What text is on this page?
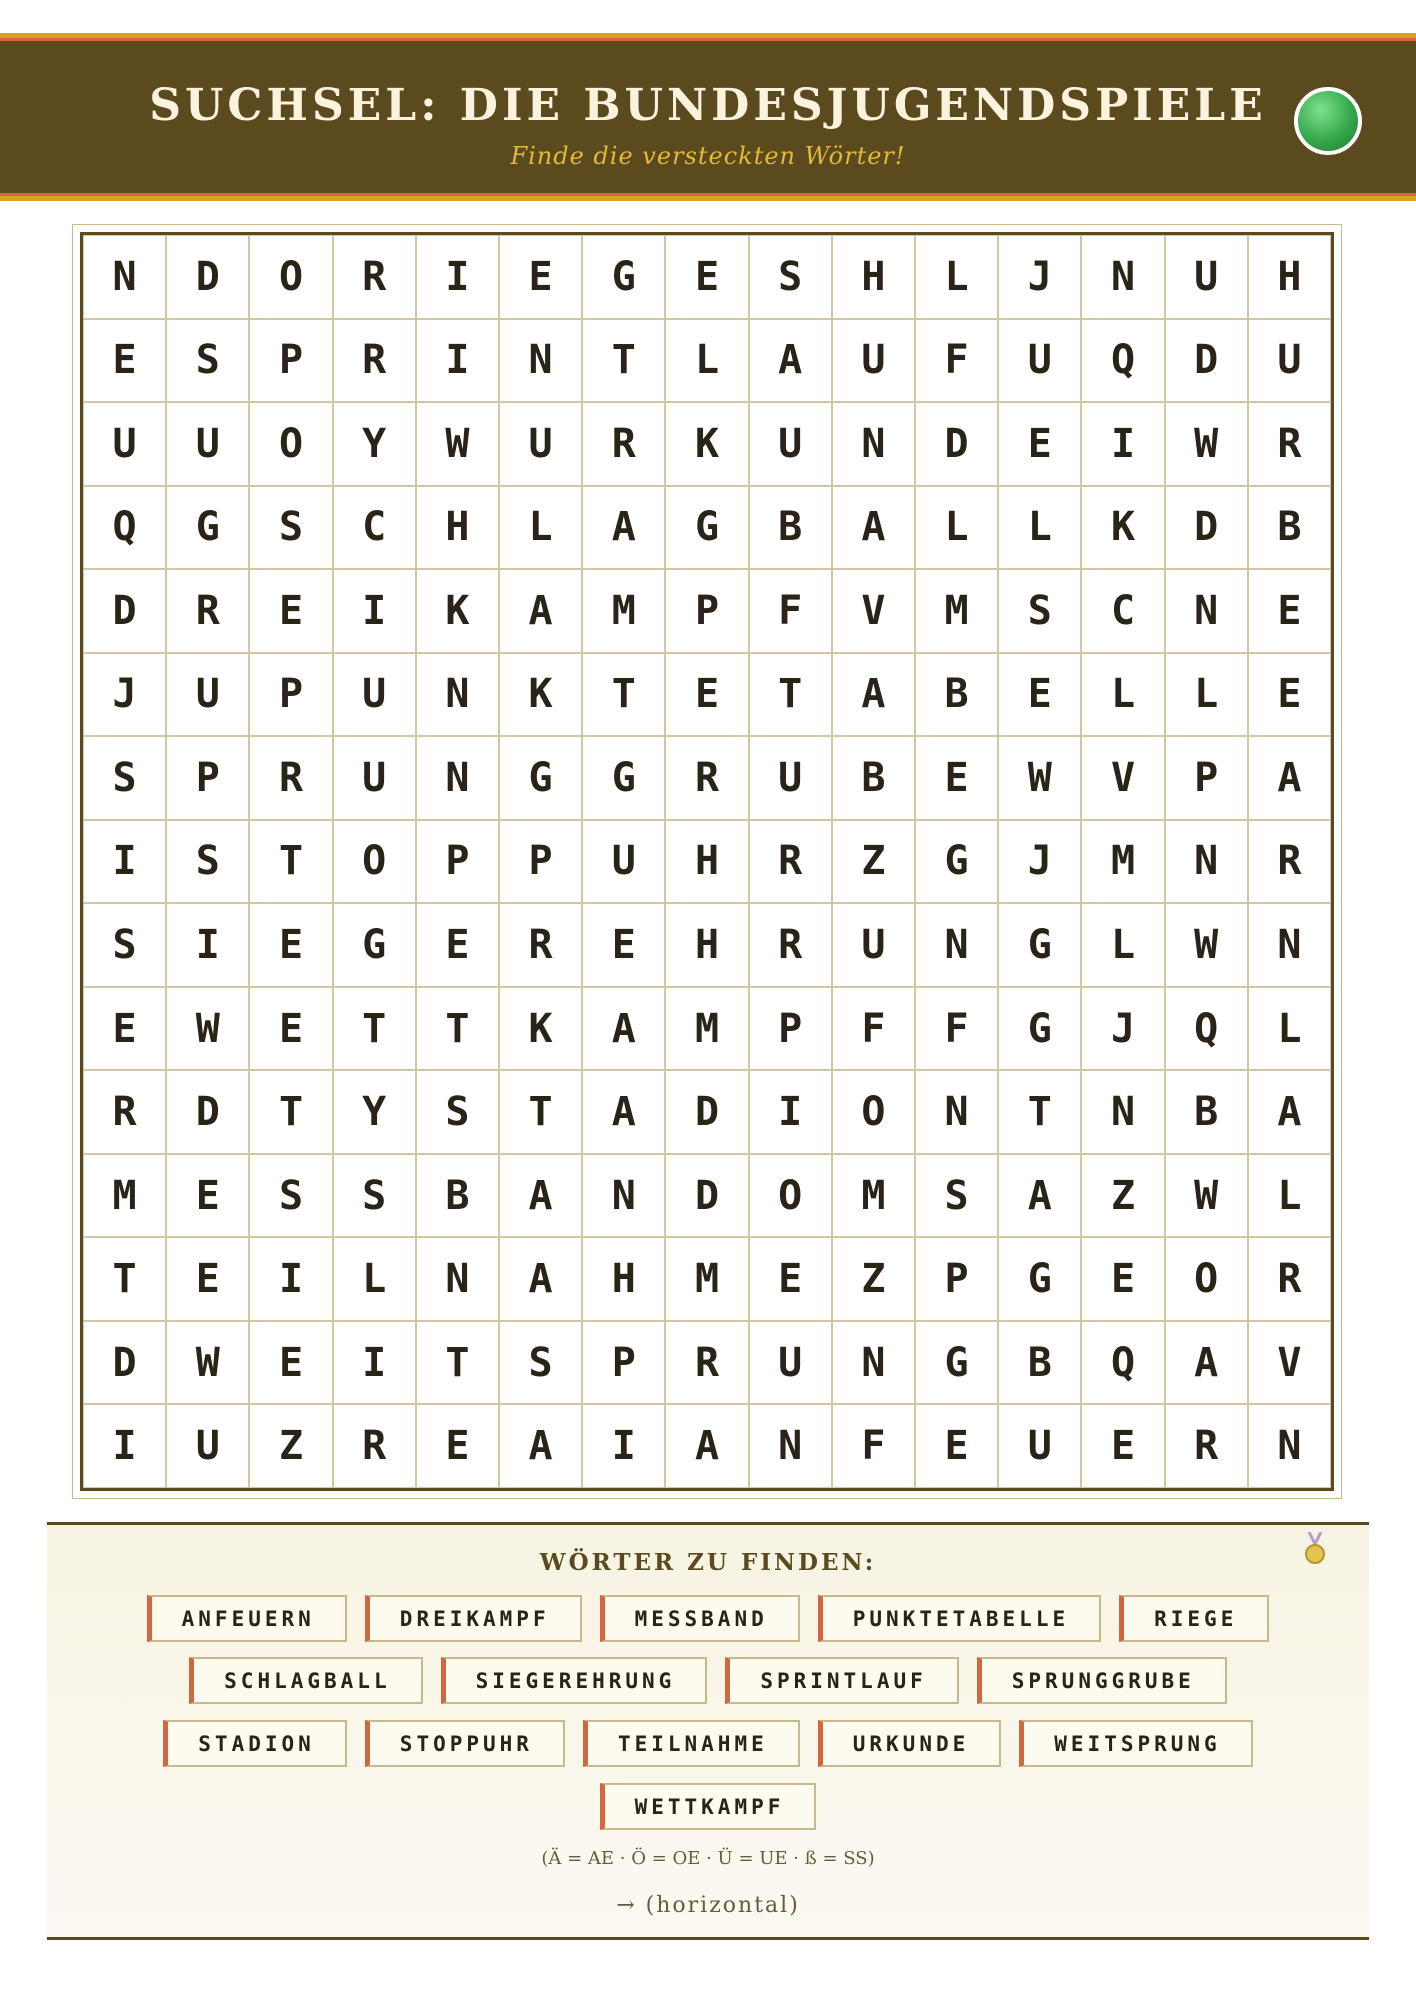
SUCHSEL: DIE BUNDESJUGENDSPIELE
Finde die versteckten Wörter!
N	D	O	R	I	E	G	E	S	H	L	J	N	U	H
E	S	P	R	I	N	T	L	A	U	F	U	Q	D	U
U	U	O	Y	W	U	R	K	U	N	D	E	I	W	R
Q	G	S	C	H	L	A	G	B	A	L	L	K	D	B
D	R	E	I	K	A	M	P	F	V	M	S	C	N	E
J	U	P	U	N	K	T	E	T	A	B	E	L	L	E
S	P	R	U	N	G	G	R	U	B	E	W	V	P	A
I	S	T	O	P	P	U	H	R	Z	G	J	M	N	R
S	I	E	G	E	R	E	H	R	U	N	G	L	W	N
E	W	E	T	T	K	A	M	P	F	F	G	J	Q	L
R	D	T	Y	S	T	A	D	I	O	N	T	N	B	A
M	E	S	S	B	A	N	D	O	M	S	A	Z	W	L
T	E	I	L	N	A	H	M	E	Z	P	G	E	O	R
D	W	E	I	T	S	P	R	U	N	G	B	Q	A	V
I	U	Z	R	E	A	I	A	N	F	E	U	E	R	N
WÖRTER ZU FINDEN:
ANFEUERN	DREIKAMPF	MESSBAND	PUNKTETABELLE	RIEGE
SCHLAGBALL	SIEGEREHRUNG	SPRINTLAUF	SPRUNGGRUBE
STADION	STOPPUHR	TEILNAHME	URKUNDE	WEITSPRUNG
WETTKAMPF
(Ä = AE · Ö = OE · Ü = UE · ß = SS)
→ (horizontal)
